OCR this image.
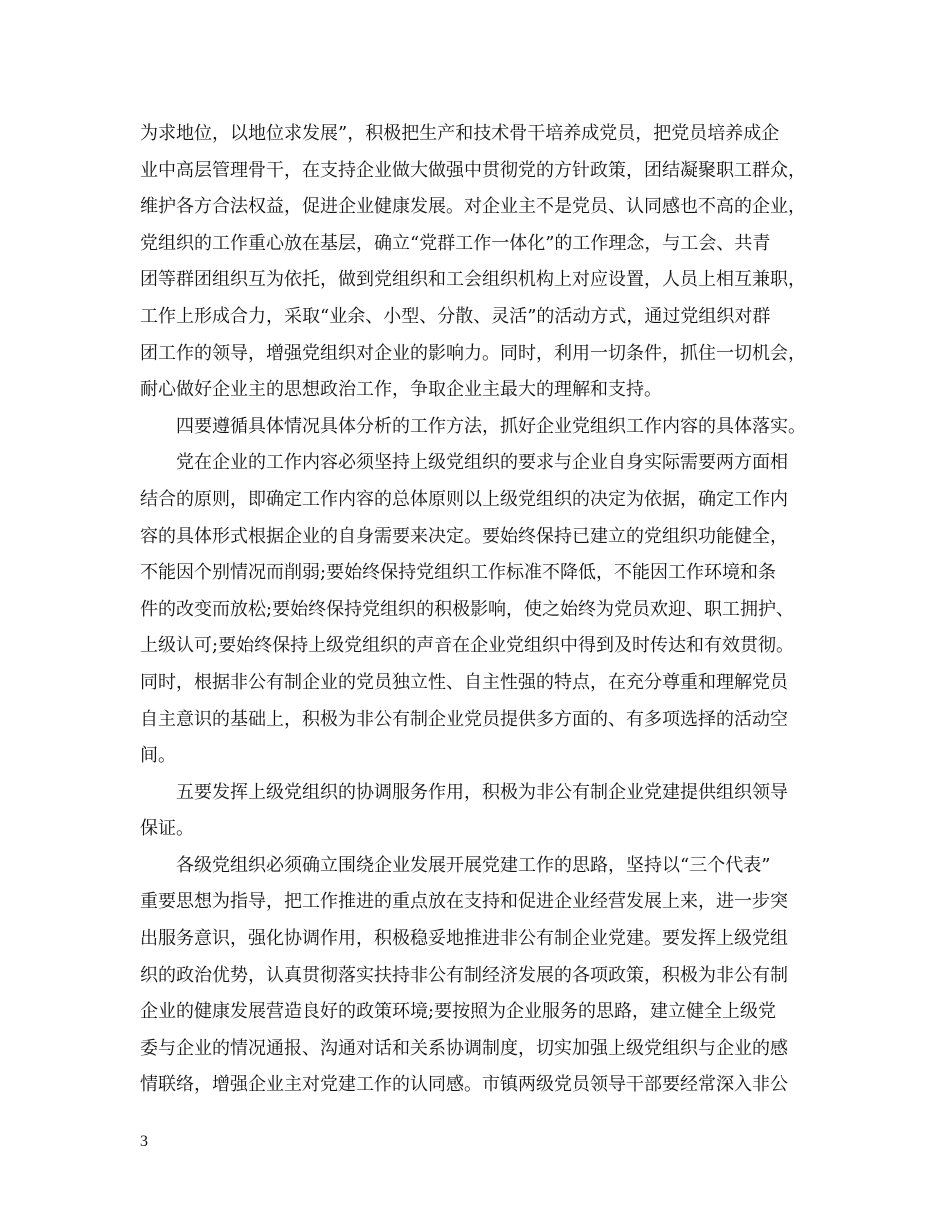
为求地位，以地位求发展”，积极把生产和技术骨干培养成党员，把党员培养成企
业中高层管理骨干，在支持企业做大做强中贯彻党的方针政策，团结凝聚职工群众，
维护各方合法权益，促进企业健康发展。对企业主不是党员、认同感也不高的企业，
党组织的工作重心放在基层，确立“党群工作一体化”的工作理念，与工会、共青
团等群团组织互为依托，做到党组织和工会组织机构上对应设置，人员上相互兼职，
工作上形成合力，采取“业余、小型、分散、灵活”的活动方式，通过党组织对群
团工作的领导，增强党组织对企业的影响力。同时，利用一切条件，抓住一切机会，
耐心做好企业主的思想政治工作，争取企业主最大的理解和支持。
四要遵循具体情况具体分析的工作方法，抓好企业党组织工作内容的具体落实。
党在企业的工作内容必须坚持上级党组织的要求与企业自身实际需要两方面相
结合的原则，即确定工作内容的总体原则以上级党组织的决定为依据，确定工作内
容的具体形式根据企业的自身需要来决定。要始终保持已建立的党组织功能健全，
不能因个别情况而削弱;要始终保持党组织工作标准不降低，不能因工作环境和条
件的改变而放松;要始终保持党组织的积极影响，使之始终为党员欢迎、职工拥护、
上级认可;要始终保持上级党组织的声音在企业党组织中得到及时传达和有效贯彻。
同时，根据非公有制企业的党员独立性、自主性强的特点，在充分尊重和理解党员
自主意识的基础上，积极为非公有制企业党员提供多方面的、有多项选择的活动空
间。
五要发挥上级党组织的协调服务作用，积极为非公有制企业党建提供组织领导
保证。
各级党组织必须确立围绕企业发展开展党建工作的思路，坚持以“三个代表”
重要思想为指导，把工作推进的重点放在支持和促进企业经营发展上来，进一步突
出服务意识，强化协调作用，积极稳妥地推进非公有制企业党建。要发挥上级党组
织的政治优势，认真贯彻落实扶持非公有制经济发展的各项政策，积极为非公有制
企业的健康发展营造良好的政策环境;要按照为企业服务的思路，建立健全上级党
委与企业的情况通报、沟通对话和关系协调制度，切实加强上级党组织与企业的感
情联络，增强企业主对党建工作的认同感。市镇两级党员领导干部要经常深入非公
3
